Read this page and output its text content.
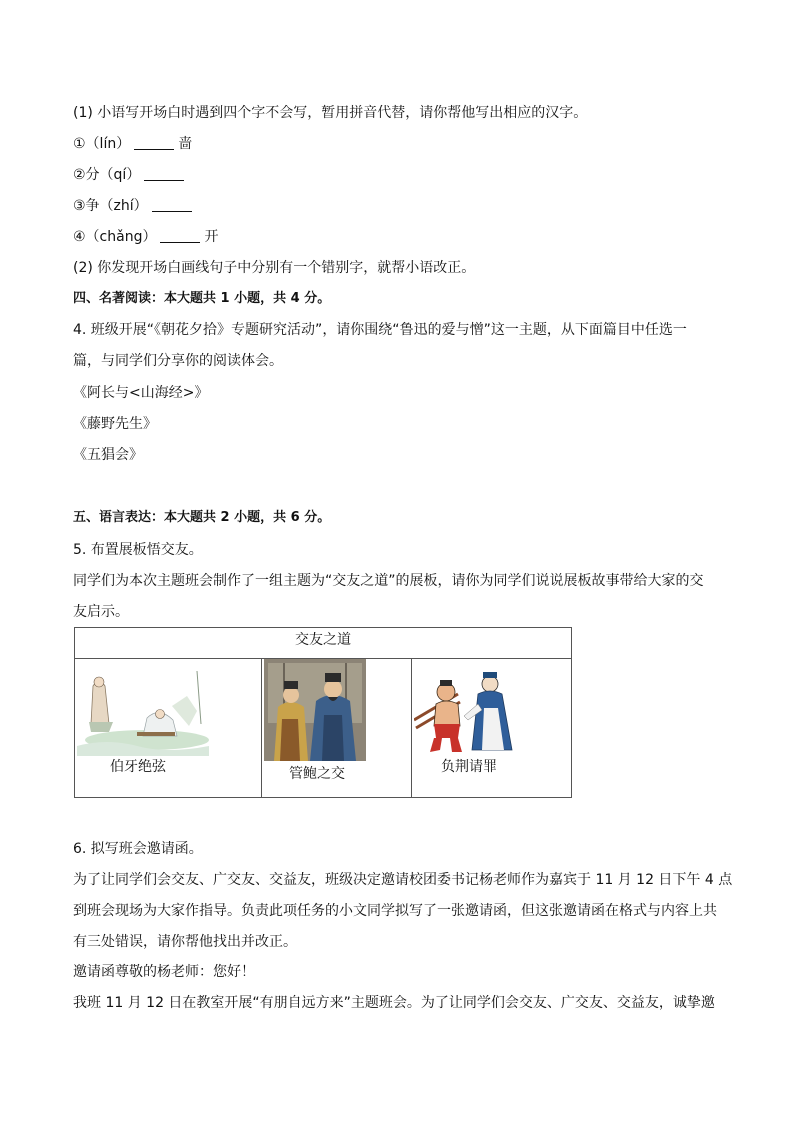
(1) 小语写开场白时遇到四个字不会写，暂用拼音代替，请你帮他写出相应的汉字。
①（lín）	啬
②分（qí）
③争（zhí）
④（chǎng）	开
(2) 你发现开场白画线句子中分别有一个错别字，就帮小语改正。
四、名著阅读：本大题共 1 小题，共 4 分。
4. 班级开展“《朝花夕拾》专题研究活动”，请你围绕“鲁迅的爱与憎”这一主题，从下面篇目中任选一
篇，与同学们分享你的阅读体会。
《阿长与<山海经>》
《藤野先生》
《五猖会》
五、语言表达：本大题共 2 小题，共 6 分。
5. 布置展板悟交友。
同学们为本次主题班会制作了一组主题为“交友之道”的展板，请你为同学们说说展板故事带给大家的交
友启示。
交友之道
伯牙绝弦	管鲍之交	负荆请罪
6. 拟写班会邀请函。
为了让同学们会交友、广交友、交益友，班级决定邀请校团委书记杨老师作为嘉宾于 11 月 12 日下午 4 点
到班会现场为大家作指导。负责此项任务的小文同学拟写了一张邀请函，但这张邀请函在格式与内容上共
有三处错误，请你帮他找出并改正。
邀请函尊敬的杨老师：您好！
我班 11 月 12 日在教室开展“有朋自远方来”主题班会。为了让同学们会交友、广交友、交益友，诚挚邀
